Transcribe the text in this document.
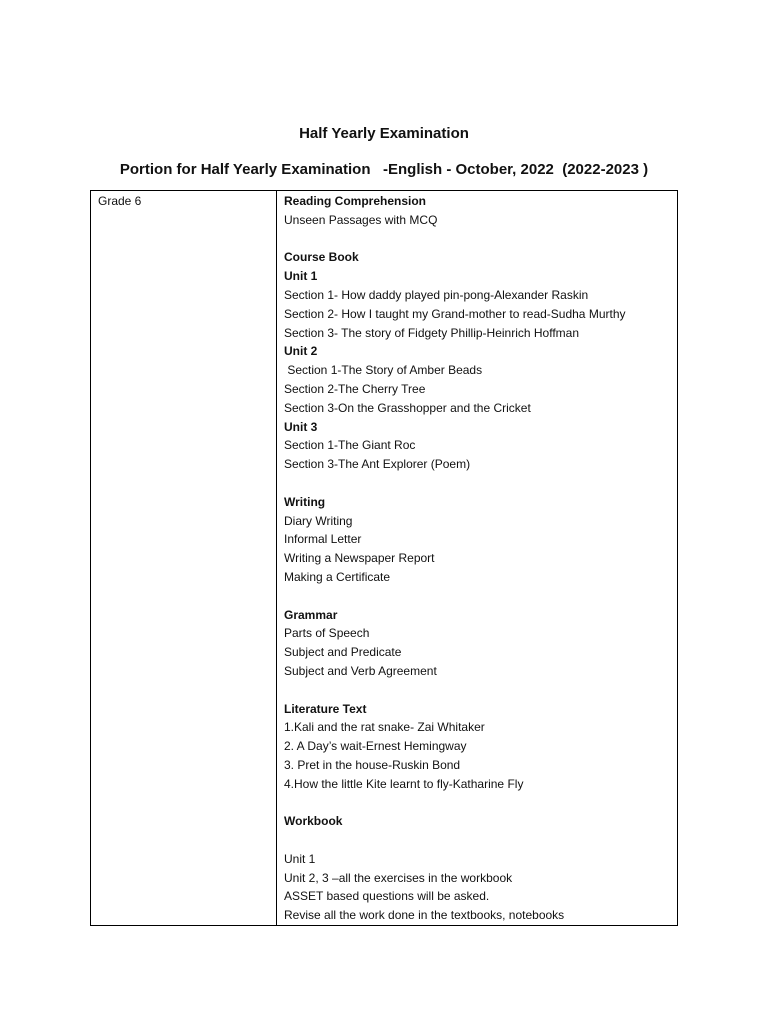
Half Yearly Examination
Portion for Half Yearly Examination   -English - October, 2022  (2022-2023 )
Grade 6	Reading Comprehension
Unseen Passages with MCQ
Course Book
Unit 1
Section 1- How daddy played pin-pong-Alexander Raskin
Section 2- How I taught my Grand-mother to read-Sudha Murthy
Section 3- The story of Fidgety Phillip-Heinrich Hoffman
Unit 2
Section 1-The Story of Amber Beads
Section 2-The Cherry Tree
Section 3-On the Grasshopper and the Cricket
Unit 3
Section 1-The Giant Roc
Section 3-The Ant Explorer (Poem)
Writing
Diary Writing
Informal Letter
Writing a Newspaper Report
Making a Certificate
Grammar
Parts of Speech
Subject and Predicate
Subject and Verb Agreement
Literature Text
1.Kali and the rat snake- Zai Whitaker
2. A Day’s wait-Ernest Hemingway
3. Pret in the house-Ruskin Bond
4.How the little Kite learnt to fly-Katharine Fly
Workbook
Unit 1
Unit 2, 3 –all the exercises in the workbook
ASSET based questions will be asked.
Revise all the work done in the textbooks, notebooks
